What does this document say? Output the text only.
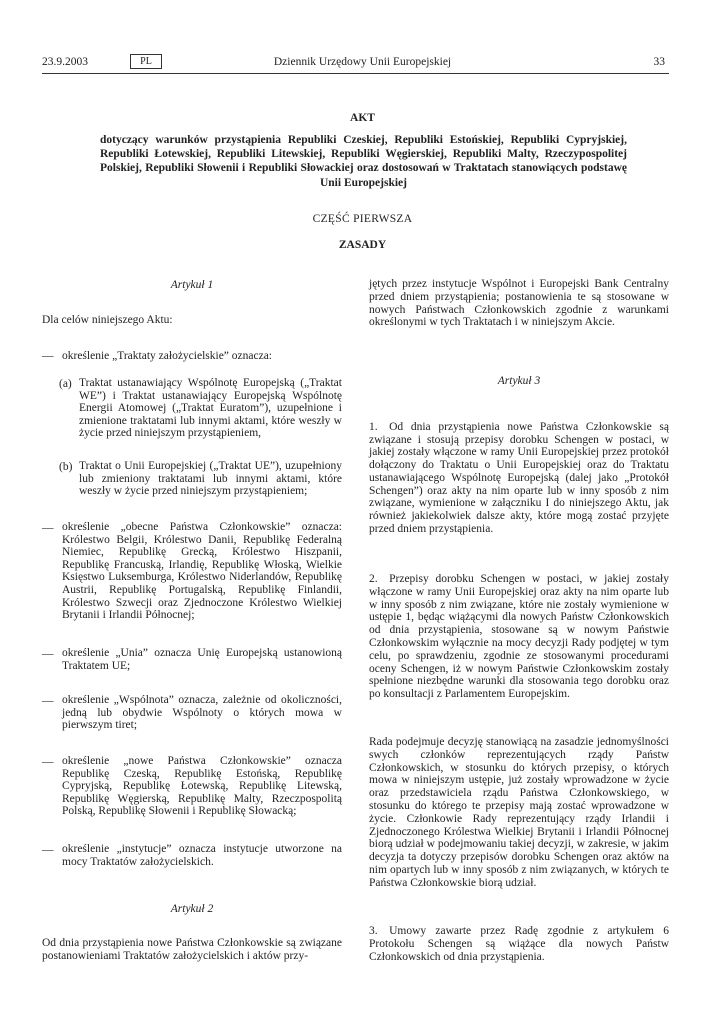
23.9.2003	PL	Dziennik Urzędowy Unii Europejskiej	33
AKT
dotyczący warunków przystąpienia Republiki Czeskiej, Republiki Estońskiej, Republiki Cypryjskiej, Republiki Łotewskiej, Republiki Litewskiej, Republiki Węgierskiej, Republiki Malty, Rzeczypospolitej Polskiej, Republiki Słowenii i Republiki Słowackiej oraz dostosowań w Traktatach stanowiących podstawę Unii Europejskiej
CZĘŚĆ PIERWSZA
ZASADY
Artykuł 1
Dla celów niniejszego Aktu:
— określenie „Traktaty założycielskie” oznacza:
(a) Traktat ustanawiający Wspólnotę Europejską („Traktat WE”) i Traktat ustanawiający Europejską Wspólnotę Energii Atomowej („Traktat Euratom”), uzupełnione i zmienione traktatami lub innymi aktami, które weszły w życie przed niniejszym przystąpieniem,
(b) Traktat o Unii Europejskiej („Traktat UE”), uzupełniony lub zmieniony traktatami lub innymi aktami, które weszły w życie przed niniejszym przystąpieniem;
— określenie „obecne Państwa Członkowskie” oznacza: Królestwo Belgii, Królestwo Danii, Republikę Federalną Niemiec, Republikę Grecką, Królestwo Hiszpanii, Republikę Francuską, Irlandię, Republikę Włoską, Wielkie Księstwo Luksemburga, Królestwo Niderlandów, Republikę Austrii, Republikę Portugalską, Republikę Finlandii, Królestwo Szwecji oraz Zjednoczone Królestwo Wielkiej Brytanii i Irlandii Północnej;
— określenie „Unia” oznacza Unię Europejską ustanowioną Traktatem UE;
— określenie „Wspólnota” oznacza, zależnie od okoliczności, jedną lub obydwie Wspólnoty o których mowa w pierwszym tiret;
— określenie „nowe Państwa Członkowskie” oznacza Republikę Czeską, Republikę Estońską, Republikę Cypryjską, Republikę Łotewską, Republikę Litewską, Republikę Węgierską, Republikę Malty, Rzeczpospolitą Polską, Republikę Słowenii i Republikę Słowacką;
— określenie „instytucje” oznacza instytucje utworzone na mocy Traktatów założycielskich.
Artykuł 2
Od dnia przystąpienia nowe Państwa Członkowskie są związane postanowieniami Traktatów założycielskich i aktów przy-
jętych przez instytucje Wspólnot i Europejski Bank Centralny przed dniem przystąpienia; postanowienia te są stosowane w nowych Państwach Członkowskich zgodnie z warunkami określonymi w tych Traktatach i w niniejszym Akcie.
Artykuł 3
1. Od dnia przystąpienia nowe Państwa Członkowskie są związane i stosują przepisy dorobku Schengen w postaci, w jakiej zostały włączone w ramy Unii Europejskiej przez protokół dołączony do Traktatu o Unii Europejskiej oraz do Traktatu ustanawiającego Wspólnotę Europejską (dalej jako „Protokół Schengen”) oraz akty na nim oparte lub w inny sposób z nim związane, wymienione w załączniku I do niniejszego Aktu, jak również jakiekolwiek dalsze akty, które mogą zostać przyjęte przed dniem przystąpienia.
2. Przepisy dorobku Schengen w postaci, w jakiej zostały włączone w ramy Unii Europejskiej oraz akty na nim oparte lub w inny sposób z nim związane, które nie zostały wymienione w ustępie 1, będąc wiążącymi dla nowych Państw Członkowskich od dnia przystąpienia, stosowane są w nowym Państwie Członkowskim wyłącznie na mocy decyzji Rady podjętej w tym celu, po sprawdzeniu, zgodnie ze stosowanymi procedurami oceny Schengen, iż w nowym Państwie Członkowskim zostały spełnione niezbędne warunki dla stosowania tego dorobku oraz po konsultacji z Parlamentem Europejskim.
Rada podejmuje decyzję stanowiącą na zasadzie jednomyślności swych członków reprezentujących rządy Państw Członkowskich, w stosunku do których przepisy, o których mowa w niniejszym ustępie, już zostały wprowadzone w życie oraz przedstawiciela rządu Państwa Członkowskiego, w stosunku do którego te przepisy mają zostać wprowadzone w życie. Członkowie Rady reprezentujący rządy Irlandii i Zjednoczonego Królestwa Wielkiej Brytanii i Irlandii Północnej biorą udział w podejmowaniu takiej decyzji, w zakresie, w jakim decyzja ta dotyczy przepisów dorobku Schengen oraz aktów na nim opartych lub w inny sposób z nim związanych, w których te Państwa Członkowskie biorą udział.
3. Umowy zawarte przez Radę zgodnie z artykułem 6 Protokołu Schengen są wiążące dla nowych Państw Członkowskich od dnia przystąpienia.
